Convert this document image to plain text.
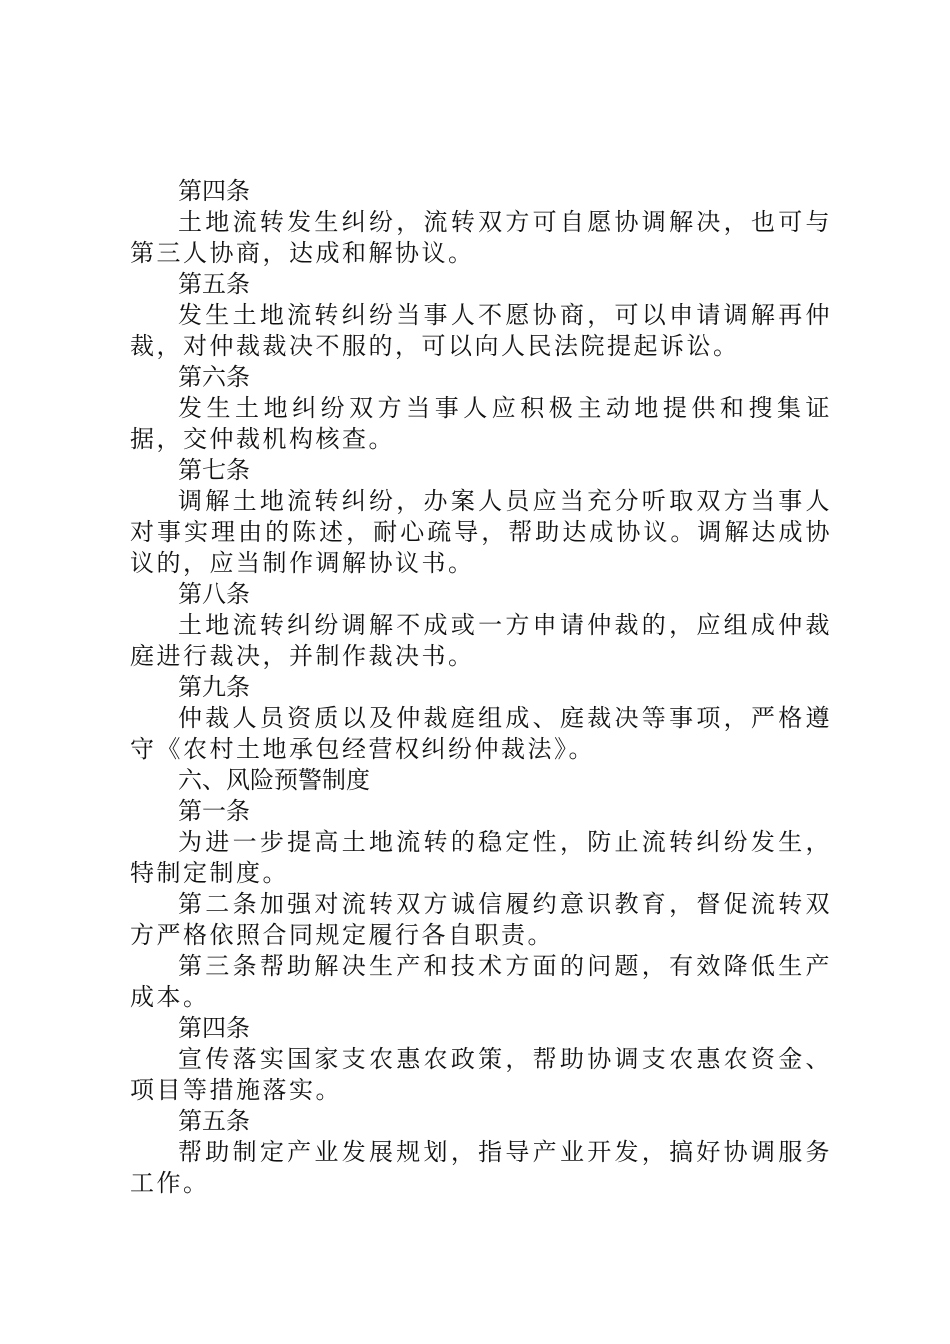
第四条
土地流转发生纠纷，流转双方可自愿协调解决，也可与第三人协商，达成和解协议。
第五条
发生土地流转纠纷当事人不愿协商，可以申请调解再仲裁，对仲裁裁决不服的，可以向人民法院提起诉讼。
第六条
发生土地纠纷双方当事人应积极主动地提供和搜集证据，交仲裁机构核查。
第七条
调解土地流转纠纷，办案人员应当充分听取双方当事人对事实理由的陈述，耐心疏导，帮助达成协议。调解达成协议的，应当制作调解协议书。
第八条
土地流转纠纷调解不成或一方申请仲裁的，应组成仲裁庭进行裁决，并制作裁决书。
第九条
仲裁人员资质以及仲裁庭组成、庭裁决等事项，严格遵守《农村土地承包经营权纠纷仲裁法》。
六、风险预警制度
第一条
为进一步提高土地流转的稳定性，防止流转纠纷发生，特制定制度。
第二条加强对流转双方诚信履约意识教育，督促流转双方严格依照合同规定履行各自职责。
第三条帮助解决生产和技术方面的问题，有效降低生产成本。
第四条
宣传落实国家支农惠农政策，帮助协调支农惠农资金、项目等措施落实。
第五条
帮助制定产业发展规划，指导产业开发，搞好协调服务工作。
